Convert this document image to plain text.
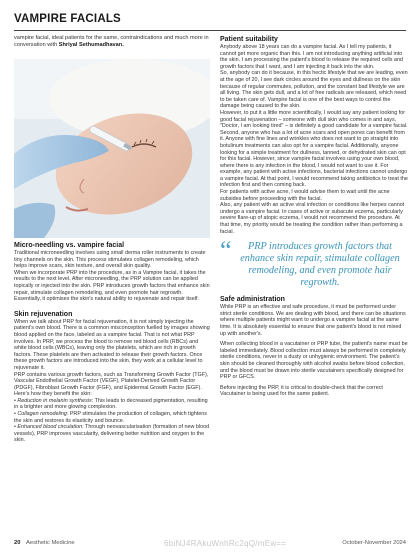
VAMPIRE FACIALS
vampire facial, ideal patients for the same, contraindications and much more in conversation with Shriyal Sethumadhavan.
Micro-needling vs. vampire facial

Traditional microneedling involves using small derma roller instruments to create tiny channels on the skin. This process stimulates collagen remodeling, which helps improve scars, skin texture, and overall skin quality.

When we incorporate PRP into the procedure, as in a Vampire facial, it takes the results to the next level. After microneedling, the PRP solution can be applied topically or injected into the skin. PRP introduces growth factors that enhance skin repair, stimulate collagen remodeling, and even promote hair regrowth. Essentially, it optimises the skin's natural ability to rejuvenate and repair itself.

Skin rejuvenation

When we talk about PRP for facial rejuvenation, it is not simply injecting the patient's own blood. There is a common misconception fuelled by images showing blood applied on the face, labeled as a vampire facial. That is not what PRP involves. In PRP, we process the blood to remove red blood cells (RBCs) and white blood cells (WBCs), leaving only the platelets, which are rich in growth factors. These platelets are then activated to release their growth factors. Once these growth factors are introduced into the skin, they work at a cellular level to rejuvenate it.

PRP contains various growth factors, such as Transforming Growth Factor (TGF), Vascular Endothelial Growth Factor (VEGF), Platelet-Derived Growth Factor (PDGF), Fibroblast Growth Factor (FGF), and Epidermal Growth Factor (EGF). Here's how they benefit the skin:

• Reduction in melanin synthesis: This leads to decreased pigmentation, resulting in a brighter and more glowing complexion.

• Collagen remodeling: PRP stimulates the production of collagen, which tightens the skin and restores its elasticity and bounce.

• Enhanced blood circulation: Through neovascularisation (formation of new blood vessels), PRP improves vascularity, delivering better nutrition and oxygen to the skin.

Patient suitability

Anybody above 18 years can do a vampire facial. As I tell my patients, it cannot get more organic than this. I am not introducing anything artificial into the skin. I am processing the patient's blood to release the required cells and growth factors that I want, and I am injecting it back into the skin.

So, anybody can do it because, in this hectic lifestyle that we are leading, even at the age of 20, I see dark circles around the eyes and dullness on the skin because of regular commutes, pollution, and the constant bad lifestyle we are all living. The skin gets dull, and a lot of free radicals are released, which need to be taken care of. Vampire facial is one of the best ways to control the damage being caused to the skin.

However, to put it a little more scientifically, I would say any patient looking for good facial rejuvenation – someone with dull skin who comes in and says, "Doctor, I am looking tired" – is definitely a good candidate for a vampire facial. Second, anyone who has a lot of acne scars and open pores can benefit from it. Anyone with fine lines and wrinkles who does not want to go straight into botulinum treatments can also opt for a vampire facial. Additionally, anyone looking for a simple treatment for dullness, tanned, or dehydrated skin can opt for this facial. However, since vampire facial involves using your own blood, where there is any infection in the blood, I would not want to use it. For example, any patient with active infections, bacterial infections cannot undergo a vampire facial. At that point, I would recommend taking antibiotics to treat the infection first and then coming back.

For patients with active acne, I would advise them to wait until the acne subsides before proceeding with the facial.

Also, any patient with an active viral infection or conditions like herpes cannot undergo a vampire facial. In cases of active or subacute eczema, particularly severe flare-up of atopic eczema, I would not recommend the procedure. At that time, my priority would be treating the condition rather than performing a facial.

“	PRP introduces growth factors that enhance skin repair, stimulate collagen remodeling, and even promote hair regrowth.
Safe administration

While PRP is an effective and safe procedure, it must be performed under strict sterile conditions. We are dealing with blood, and there can be situations where multiple patients might want to undergo a vampire facial at the same time. It is absolutely essential to ensure that one patient's blood is not mixed up with another's.

When collecting blood in a vacutainer or PRP tube, the patient's name must be labeled immediately. Blood collection must always be performed in completely sterile conditions, never in a dusty or unhygienic environment. The patient's skin should be cleaned thoroughly with alcohol swabs before blood collection, and the blood must be drawn into sterile vacutainers specifically designed for PRP or GFCS.

Before injecting the PRP, it is critical to double-check that the correct Vacutainer is being used for the same patient.

20 Aesthetic Medicine	6biNJ4RAkuWnhRc2qQ/mEw==	October-November 2024
